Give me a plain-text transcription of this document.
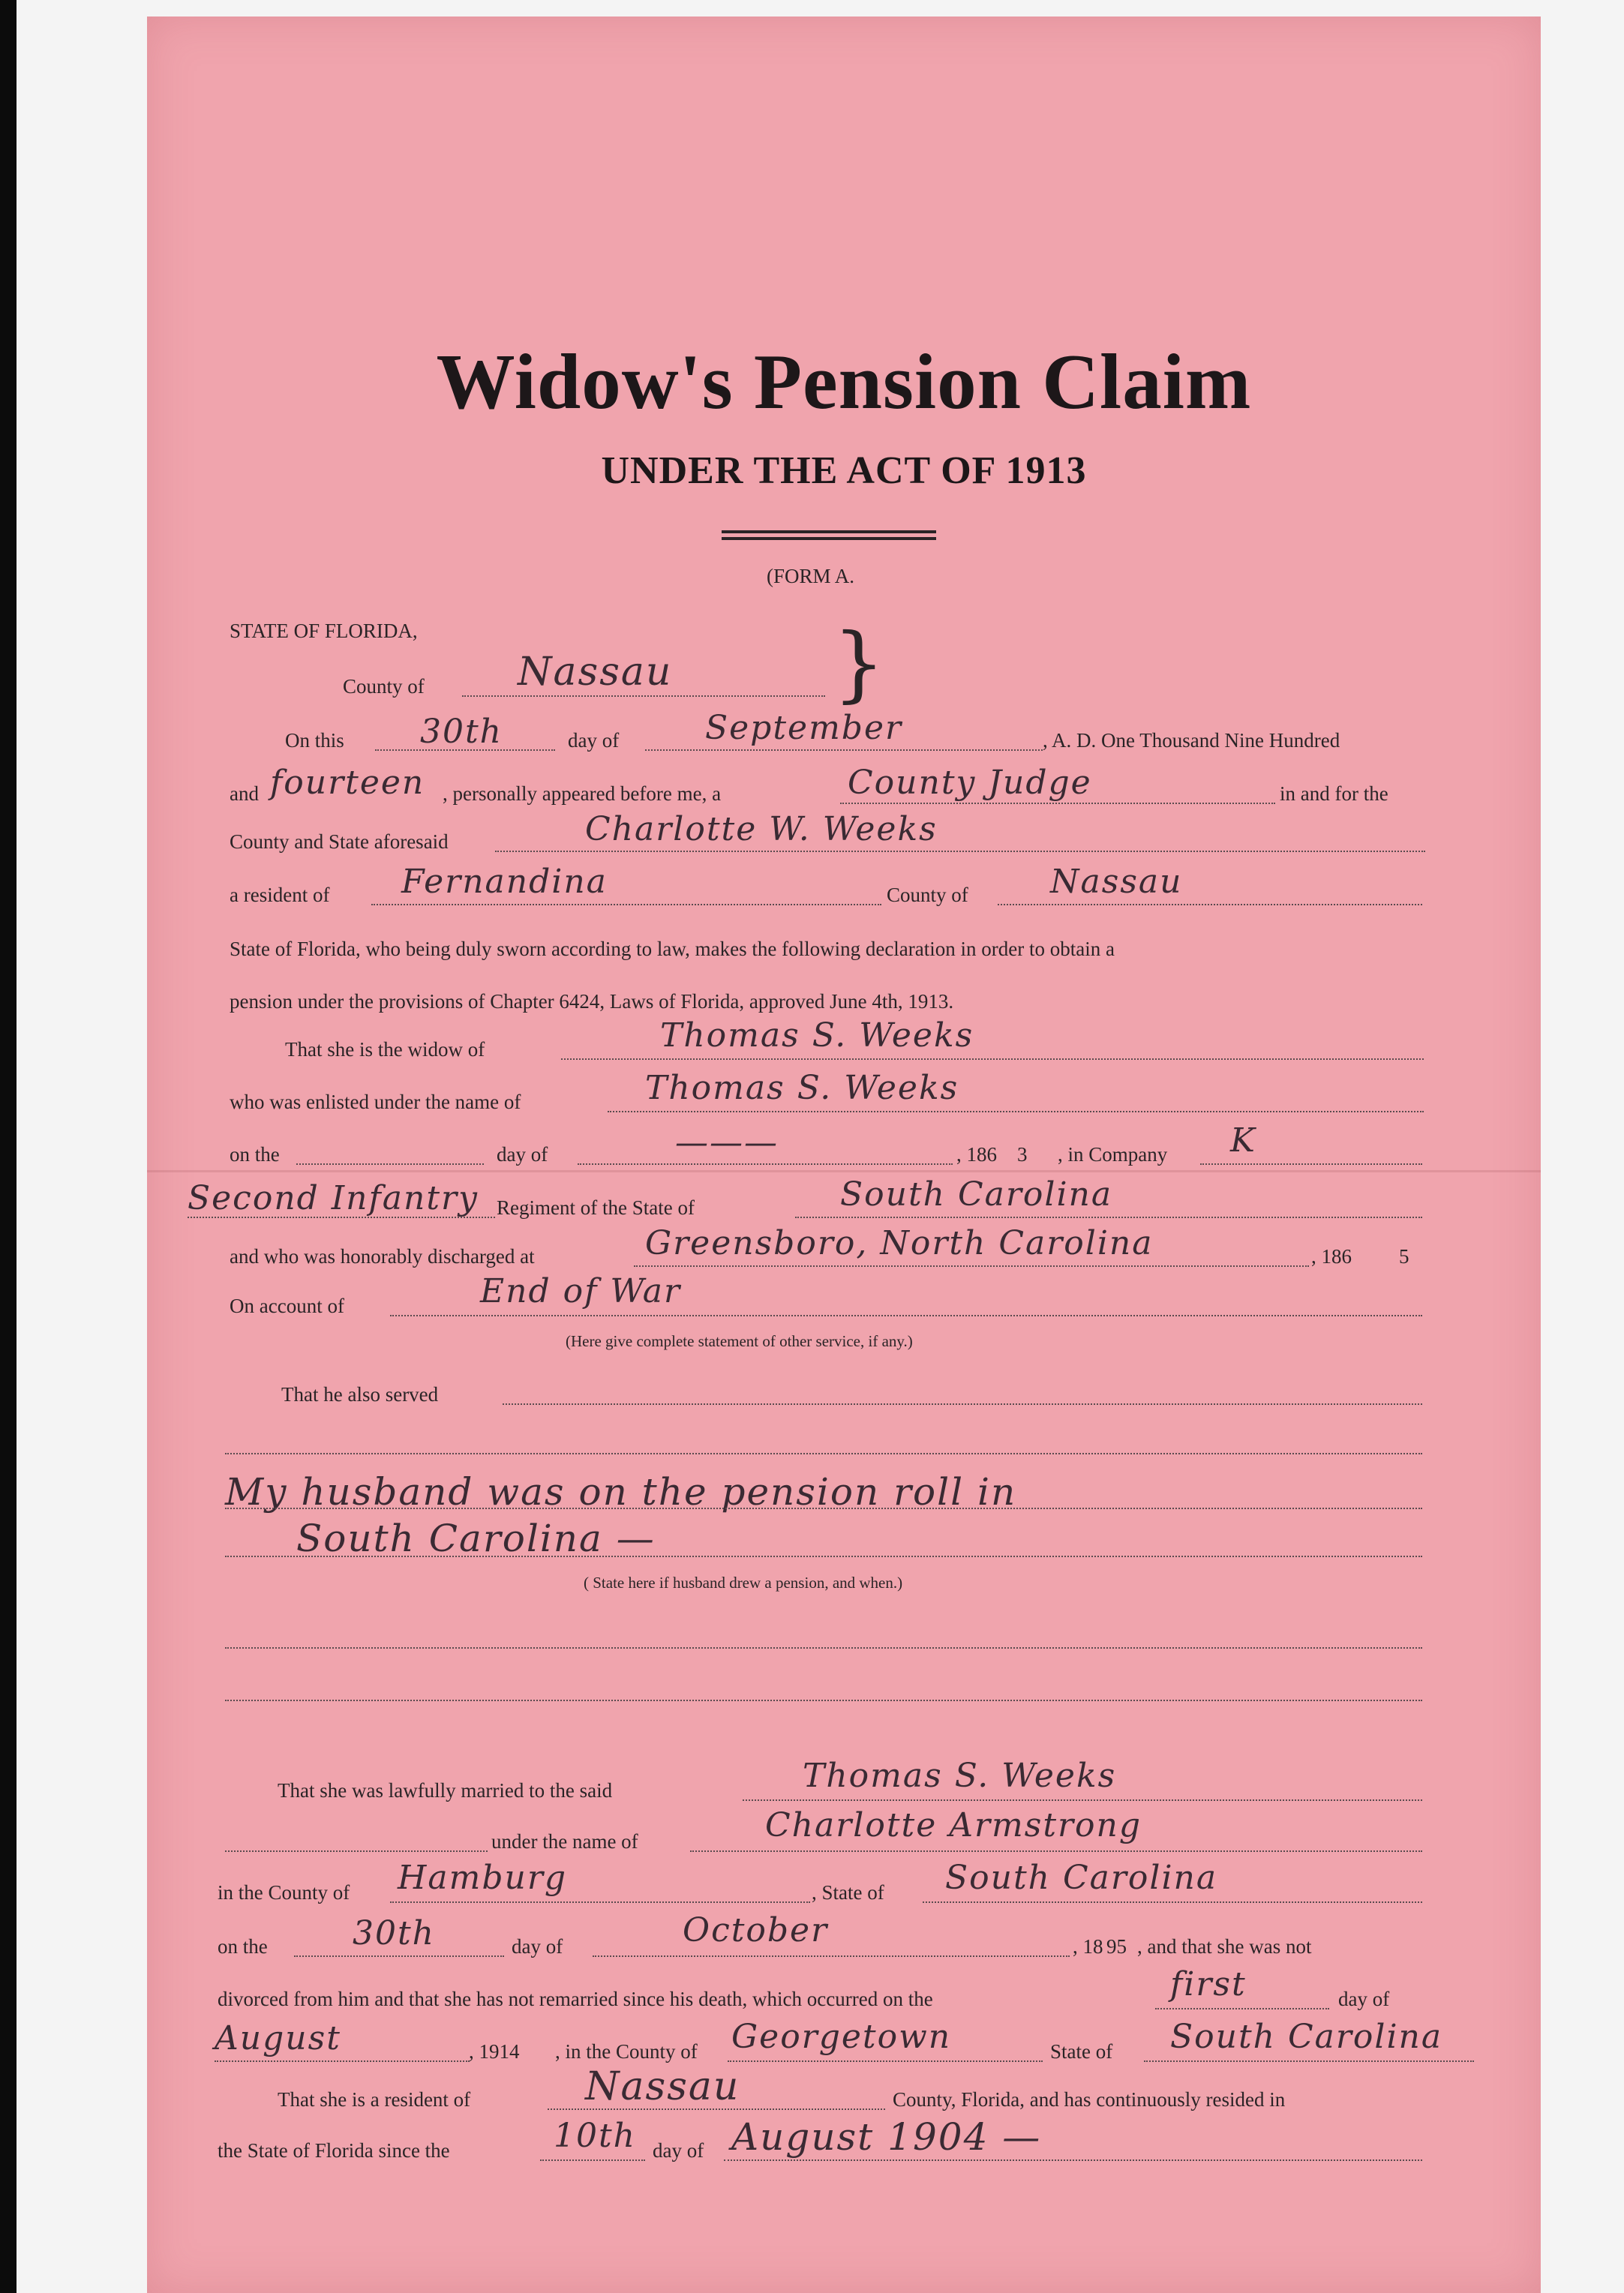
Widow's Pension Claim
UNDER THE ACT OF 1913
(FORM A.
STATE OF FLORIDA,	}
County of Nassau
On this 30th	day of	September	, A. D. One Thousand Nine Hundred
and fourteen , personally appeared before me, a	County Judge	in and for the
County and State aforesaid	Charlotte W. Weeks
a resident of Fernandina	County of Nassau
State of Florida, who being duly sworn according to law, makes the following declaration in order to obtain a
pension under the provisions of Chapter 6424, Laws of Florida, approved June 4th, 1913.
That she is the widow of	Thomas S. Weeks
who was enlisted under the name of	Thomas S. Weeks
on the	day of	———	, 186 3 , in Company K
Second Infantry Regiment of the State of	South Carolina
and who was honorably discharged at	Greensboro, North Carolina	, 186 5
On account of	End of War
(Here give complete statement of other service, if any.)
That he also served
My husband was on the pension roll in
South Carolina —
( State here if husband drew a pension, and when.)
That she was lawfully married to the said	Thomas S. Weeks
under the name of	Charlotte Armstrong
in the County of Hamburg	, State of South Carolina
on the	30th	day of	October	, 18 95 , and that she was not
divorced from him and that she has not remarried since his death, which occurred on the	first	day of
August	, 1914 , in the County of Georgetown	State of South Carolina
That she is a resident of	Nassau	County, Florida, and has continuously resided in
the State of Florida since the	10th day of August 1904 —
